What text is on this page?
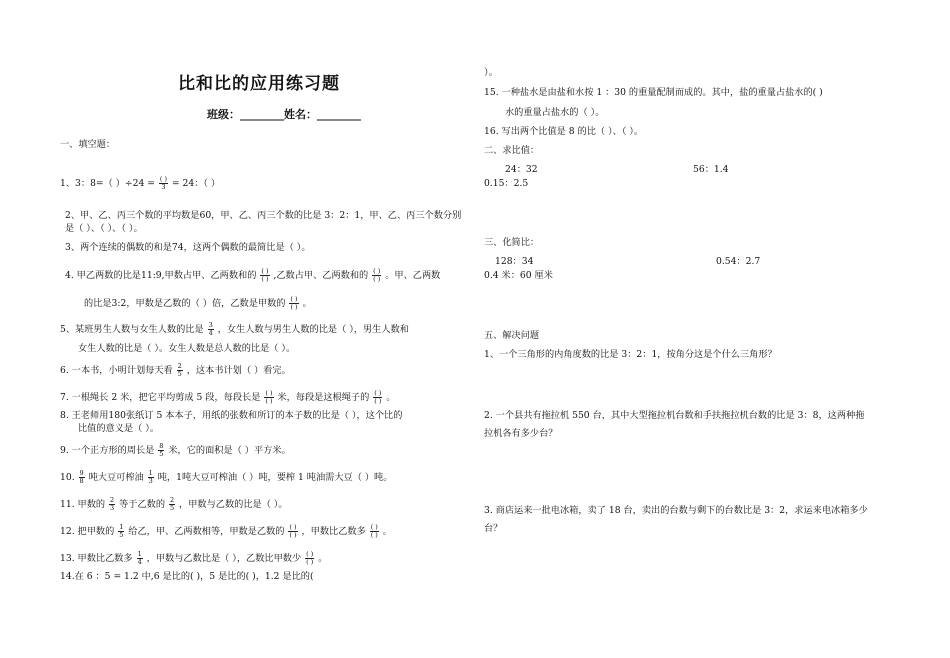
比和比的应用练习题
班级：________姓名：________
一、填空题：
1、3：8=（ ）÷24 = ( )
3 = 24：（ ）
2、甲、乙、丙三个数的平均数是60，甲、乙、丙三个数的比是 3：2：1，甲、乙、丙三个数分别
是（ ）、（ ）、（ ）。
3、两个连续的偶数的和是74，这两个偶数的最简比是（ ）。
4. 甲乙两数的比是11:9,甲数占甲、乙两数和的 ( )
( ) ,乙数占甲、乙两数和的 ( )
( ) 。甲、乙两数
的比是3:2，甲数是乙数的（ ）倍，乙数是甲数的 ( )
( ) 。
5、某班男生人数与女生人数的比是 $\frac{3}{4}$ ，女生人数与男生人数的比是（ ），男生人数和
女生人数的比是（ ）。女生人数是总人数的比是（ ）。
6. 一本书，小明计划每天看 $\frac{2}{5}$ ，这本书计划（ ）看完。
7. 一根绳长 2 米，把它平均剪成 5 段，每段长是 ( )
( ) 米，每段是这根绳子的 ( )
( ) 。
8. 王老师用180张纸订 5 本本子，用纸的张数和所订的本子数的比是（ ），这个比的
比值的意义是（ ）。
9. 一个正方形的周长是 $\frac{8}{5}$ 米，它的面积是（ ）平方米。
10. $\frac{9}{8}$ 吨大豆可榨油 $\frac{1}{3}$ 吨，1吨大豆可榨油（ ）吨，要榨 1 吨油需大豆（ ）吨。
11. 甲数的 $\frac{2}{3}$ 等于乙数的 $\frac{2}{5}$ ，甲数与乙数的比是（ ）。
12. 把甲数的 $\frac{1}{5}$ 给乙，甲、乙两数相等，甲数是乙数的 ( )
( ) ，甲数比乙数多 ( )
( ) 。
13. 甲数比乙数多 $\frac{1}{4}$ ，甲数与乙数比是（ ），乙数比甲数少 ( )
( ) 。
14.在 6 ：5 = 1.2 中,6 是比的( )，5 是比的( )，1.2 是比的(
）。
15. 一种盐水是由盐和水按 1 ：30 的重量配制而成的。其中，盐的重量占盐水的( )
水的重量占盐水的（ ）。
16. 写出两个比值是 8 的比（ ）、（ ）。
二、求比值：
24：32	56：1.4
0.15：2.5
三、化简比：
128：34	0.54：2.7
0.4 米：60 厘米
五、解决问题
1、一个三角形的内角度数的比是 3：2：1，按角分这是个什么三角形？
2. 一个县共有拖拉机 550 台，其中大型拖拉机台数和手扶拖拉机台数的比是 3：8，这两种拖
拉机各有多少台？
3. 商店运来一批电冰箱，卖了 18 台，卖出的台数与剩下的台数比是 3：2，求运来电冰箱多少
台？
